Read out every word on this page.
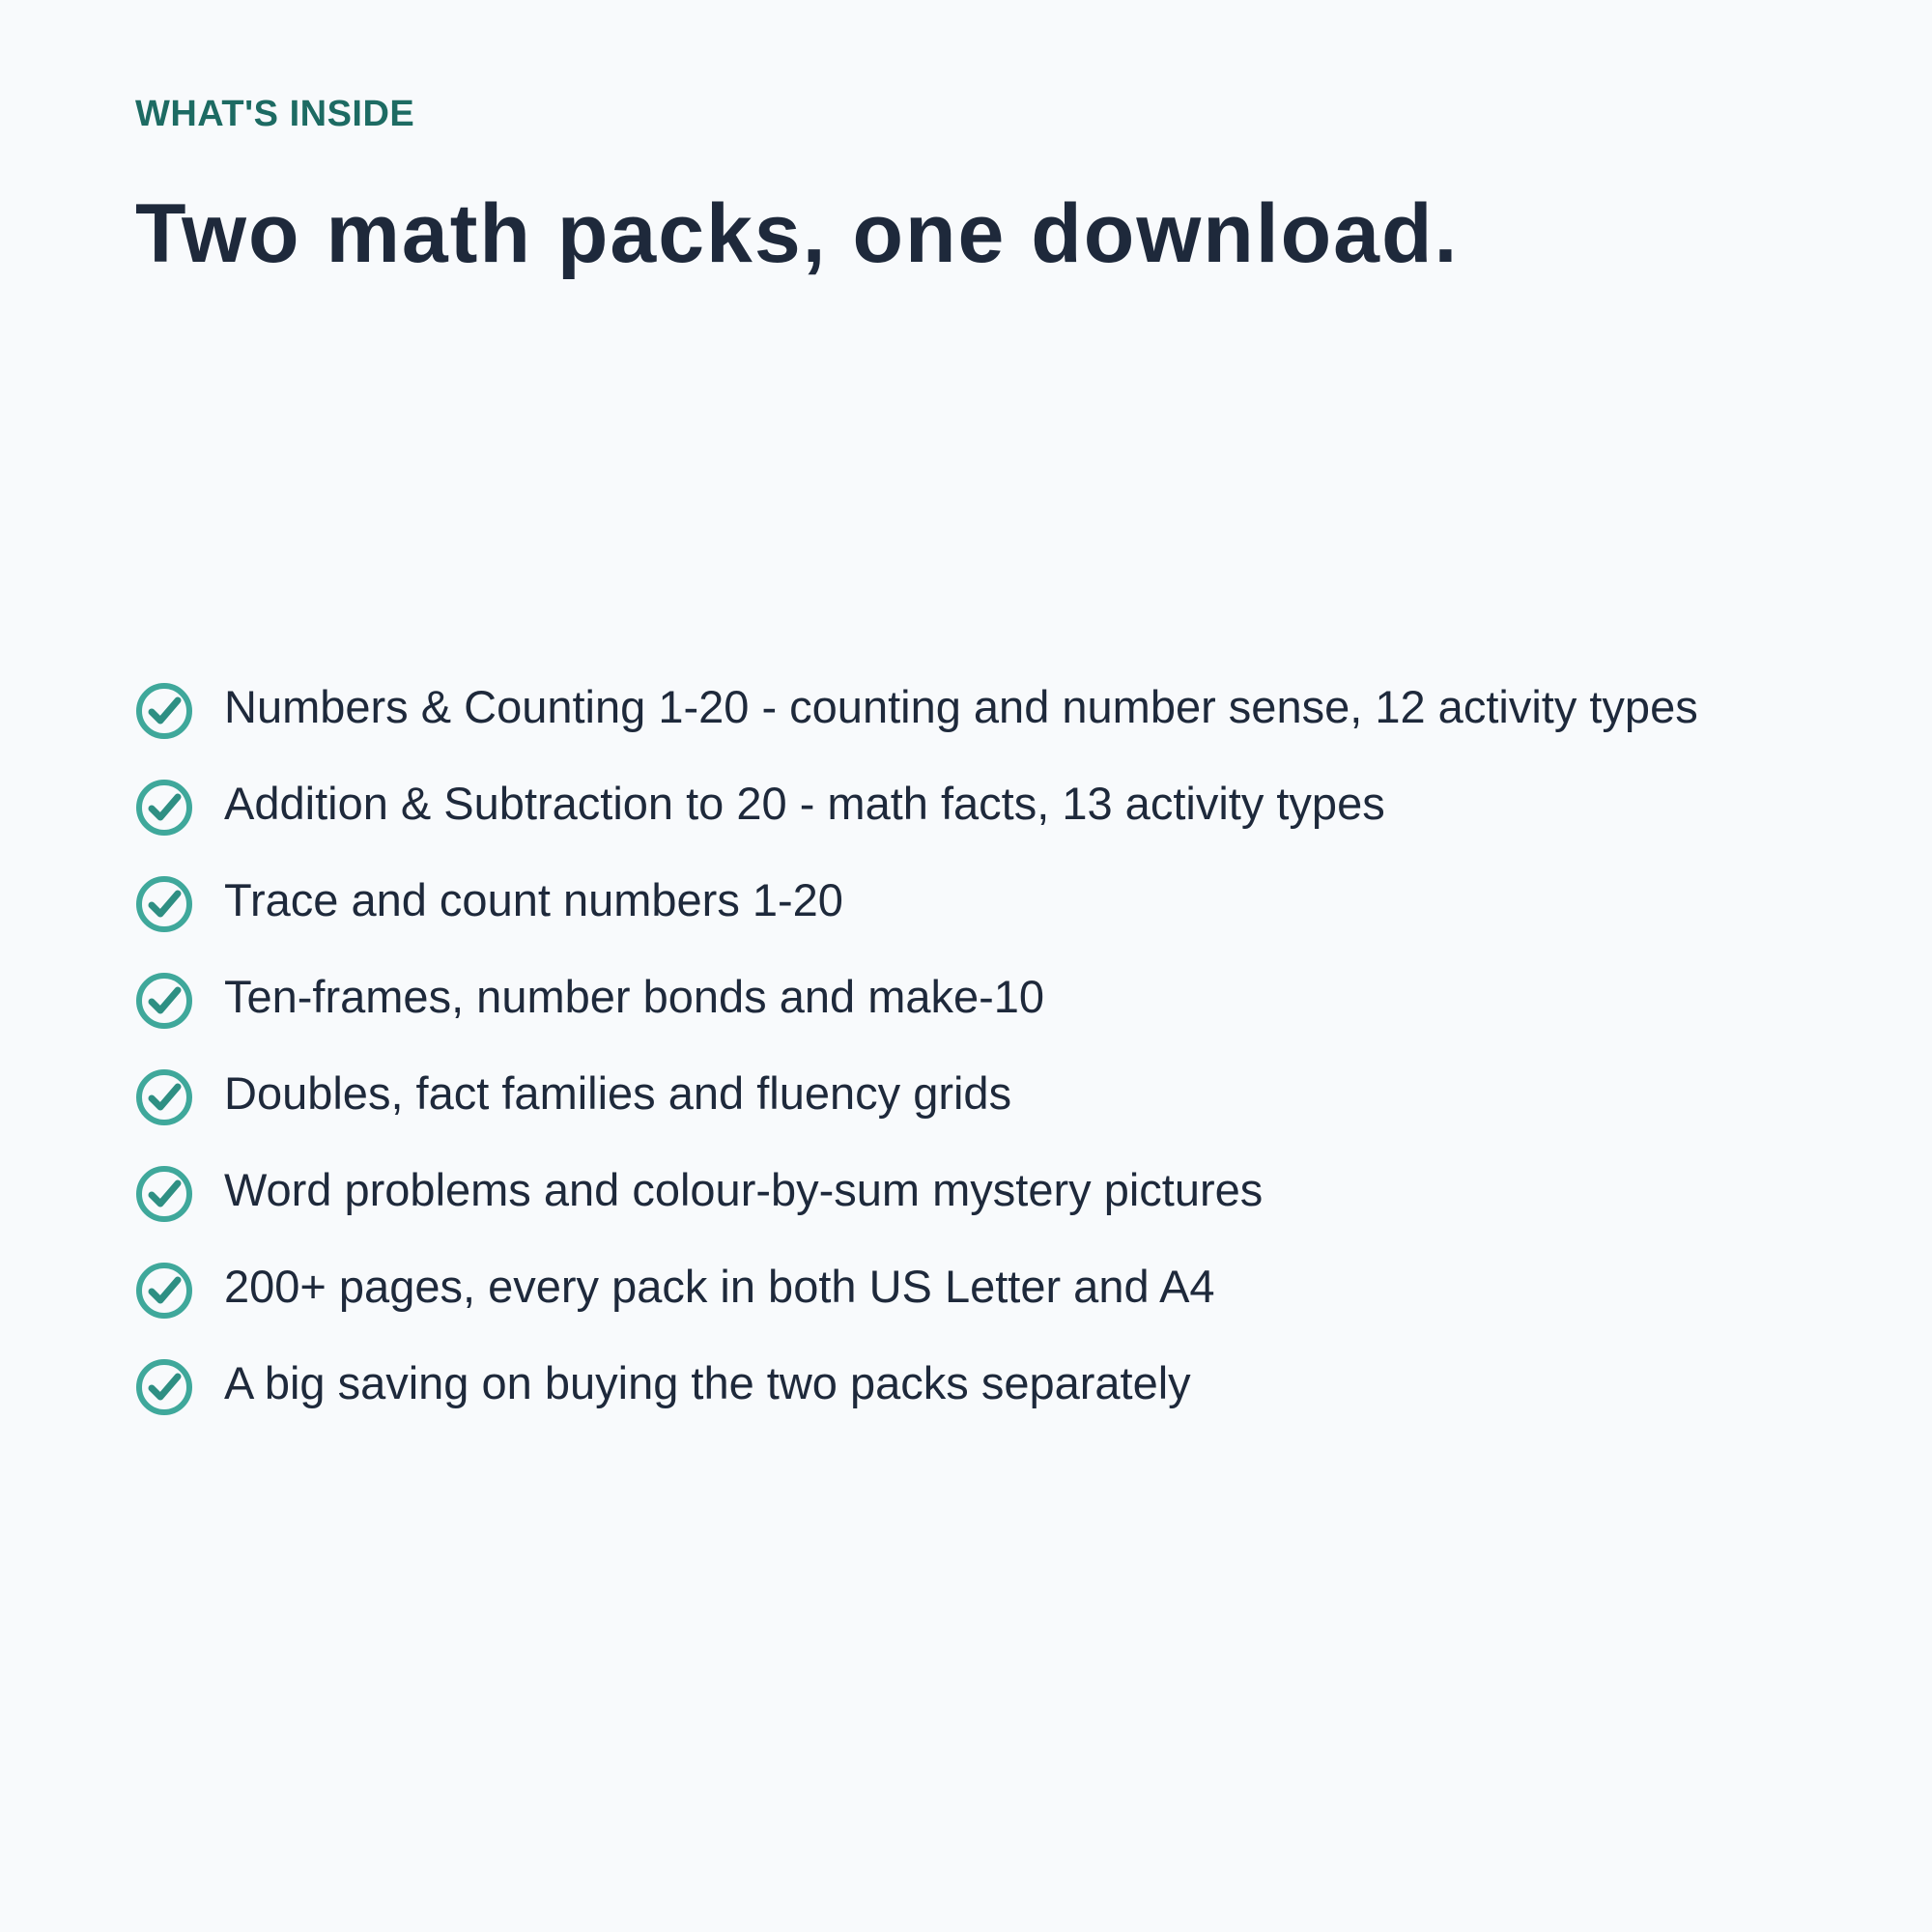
WHAT'S INSIDE

Two math packs, one download.
Numbers & Counting 1-20 - counting and number sense, 12 activity types
Addition & Subtraction to 20 - math facts, 13 activity types
Trace and count numbers 1-20
Ten-frames, number bonds and make-10
Doubles, fact families and fluency grids
Word problems and colour-by-sum mystery pictures
200+ pages, every pack in both US Letter and A4
A big saving on buying the two packs separately
